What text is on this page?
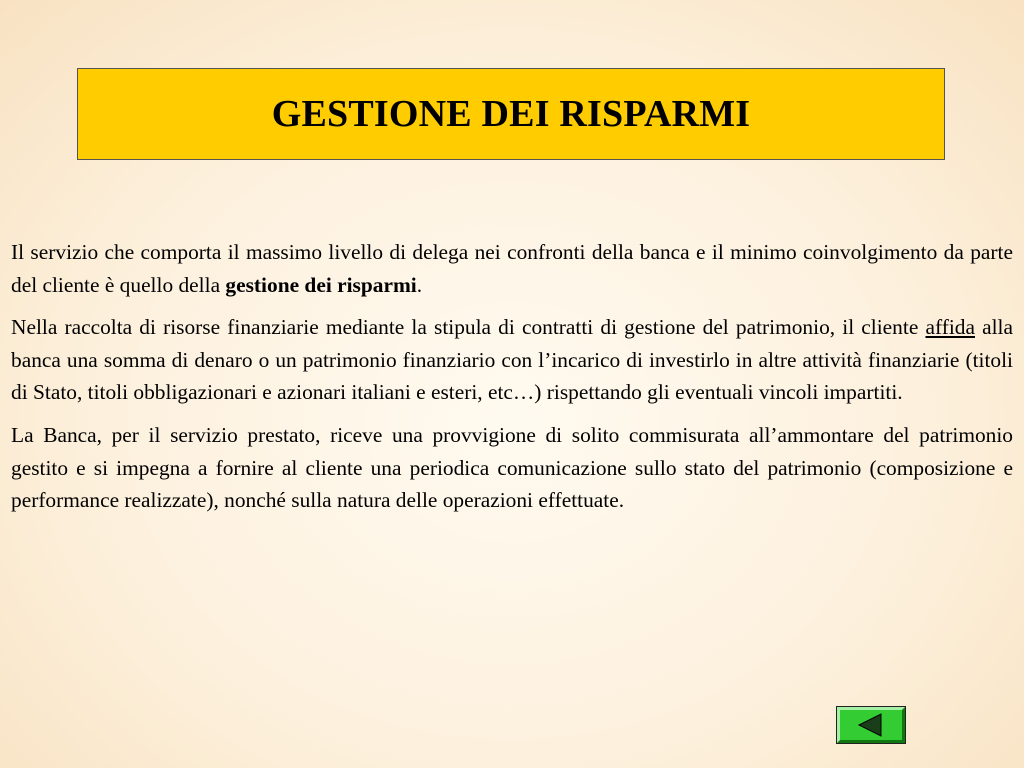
GESTIONE DEI RISPARMI

Il servizio che comporta il massimo livello di delega nei confronti della banca e il minimo coinvolgimento da parte del cliente è quello della gestione dei risparmi.

Nella raccolta di risorse finanziarie mediante la stipula di contratti di gestione del patrimonio, il cliente affida alla banca una somma di denaro o un patrimonio finanziario con l’incarico di investirlo in altre attività finanziarie (titoli di Stato, titoli obbligazionari e azionari italiani e esteri, etc…) rispettando gli eventuali vincoli impartiti.

La Banca, per il servizio prestato, riceve una provvigione di solito commisurata all’ammontare del patrimonio gestito e si impegna a fornire al cliente una periodica comunicazione sullo stato del patrimonio (composizione e performance realizzate), nonché sulla natura delle operazioni effettuate.
